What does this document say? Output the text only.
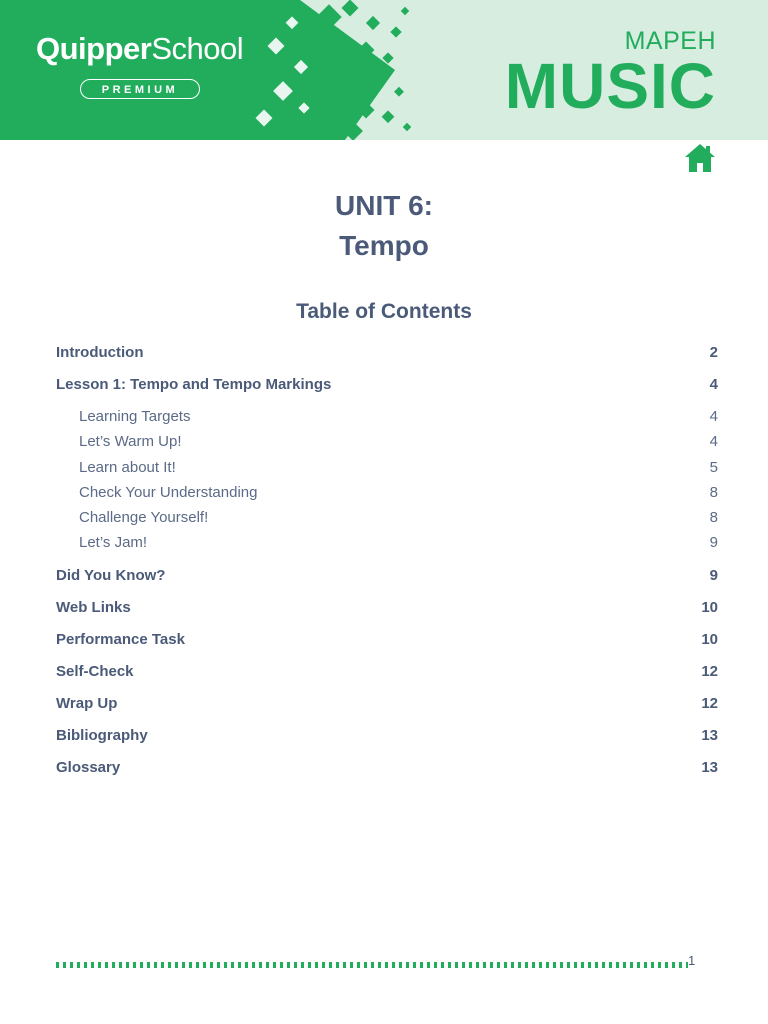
QuipperSchool
PREMIUM
MAPEH
MUSIC
UNIT 6:
Tempo
Table of Contents
Introduction	2
Lesson 1: Tempo and Tempo Markings	4
Learning Targets	4
Let’s Warm Up!	4
Learn about It!	5
Check Your Understanding	8
Challenge Yourself!	8
Let’s Jam!	9
Did You Know?	9
Web Links	10
Performance Task	10
Self-Check	12
Wrap Up	12
Bibliography	13
Glossary	13
1
